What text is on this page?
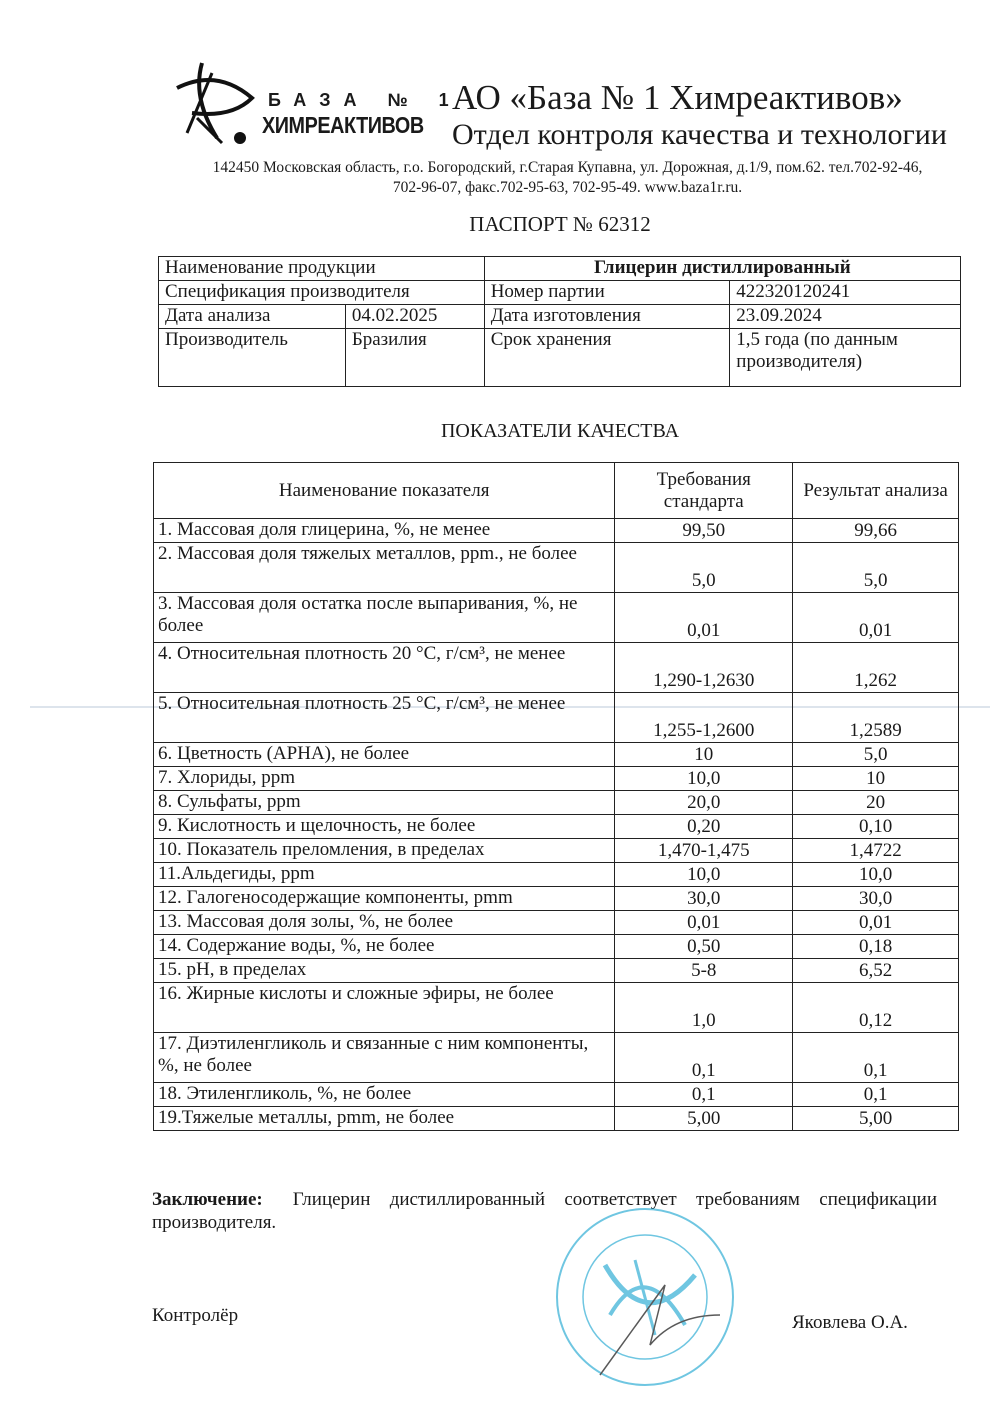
БАЗА № 1
ХИМРЕАКТИВОВ
АО «База № 1 Химреактивов»
Отдел контроля качества и технологии
142450 Московская область, г.о. Богородский, г.Старая Купавна, ул. Дорожная, д.1/9, пом.62. тел.702-92-46,
702-96-07, факс.702-95-63, 702-95-49. www.baza1r.ru.
ПАСПОРТ № 62312
Наименование продукции		Глицерин дистиллированный	
Спецификация производителя		Номер партии	422320120241
Дата анализа	04.02.2025	Дата изготовления	23.09.2024
Производитель	Бразилия	Срок хранения	1,5 года (по данным производителя)
ПОКАЗАТЕЛИ КАЧЕСТВА
Наименование показателя	Требования стандарта	Результат анализа
1. Массовая доля глицерина, %, не менее	99,50	99,66
2. Массовая доля тяжелых металлов, ppm., не более	5,0	5,0
3. Массовая доля остатка после выпаривания, %, не более	0,01	0,01
4. Относительная плотность 20 °С, г/см³, не менее	1,290-1,2630	1,262
5. Относительная плотность 25 °С, г/см³, не менее	1,255-1,2600	1,2589
6. Цветность (APHA), не более	10	5,0
7. Хлориды, ppm	10,0	10
8. Сульфаты, ppm	20,0	20
9. Кислотность и щелочность, не более	0,20	0,10
10. Показатель преломления, в пределах	1,470-1,475	1,4722
11.Альдегиды, ppm	10,0	10,0
12. Галогеносодержащие компоненты, pmm	30,0	30,0
13. Массовая доля золы, %, не более	0,01	0,01
14. Содержание воды, %, не более	0,50	0,18
15. pH, в пределах	5-8	6,52
16. Жирные кислоты и сложные эфиры, не более	1,0	0,12
17. Диэтиленгликоль и связанные с ним компоненты, %, не более	0,1	0,1
18. Этиленгликоль, %, не более	0,1	0,1
19.Тяжелые металлы, pmm, не более	5,00	5,00
Заключение: Глицерин дистиллированный соответствует требованиям спецификации производителя.
Контролёр	Яковлева О.А.
